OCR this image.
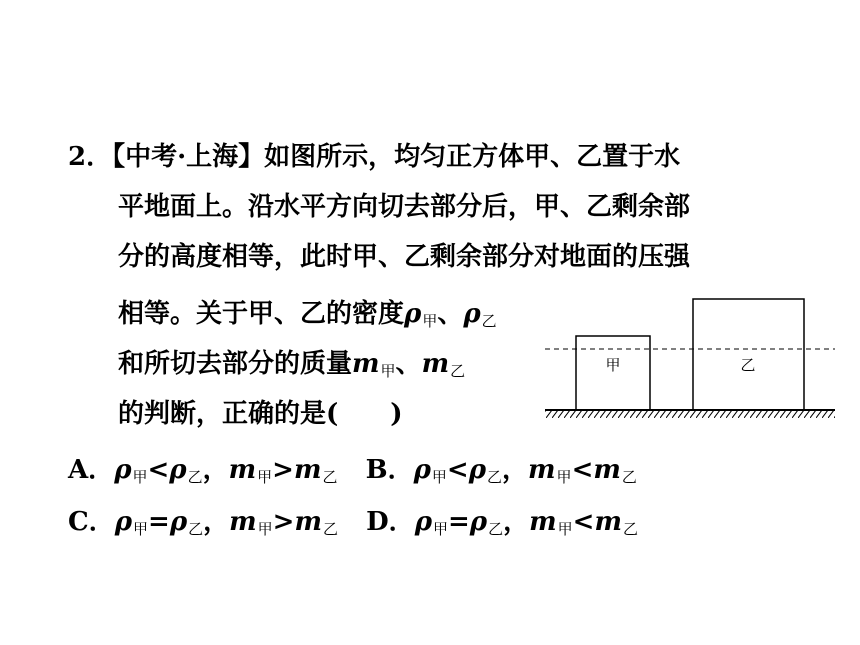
2．【中考·上海】如图所示，均匀正方体甲、乙置于水
平地面上。沿水平方向切去部分后，甲、乙剩余部
分的高度相等，此时甲、乙剩余部分对地面的压强
相等。关于甲、乙的密度$\rho_甲$、$\rho_乙$
和所切去部分的质量$m_甲$、$m_乙$
的判断，正确的是(　　)
A．$\rho_甲<\rho_乙$，$m_甲>m_乙$ B．$\rho_甲<\rho_乙$，$m_甲<m_乙$
C．$\rho_甲=\rho_乙$，$m_甲>m_乙$ D．$\rho_甲=\rho_乙$，$m_甲<m_乙$
甲	乙
